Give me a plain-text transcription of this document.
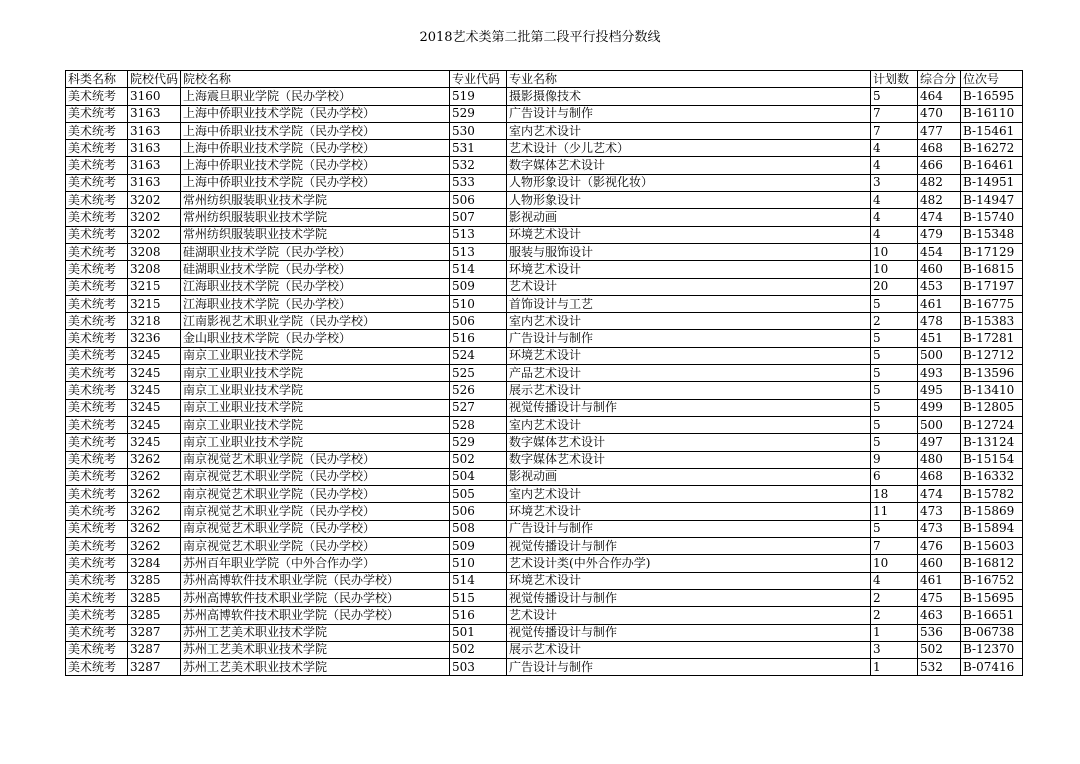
2018艺术类第二批第二段平行投档分数线
科类名称	院校代码	院校名称	专业代码	专业名称	计划数	综合分	位次号
美术统考	3160	上海震旦职业学院（民办学校）	519	摄影摄像技术	5	464	B-16595
美术统考	3163	上海中侨职业技术学院（民办学校）	529	广告设计与制作	7	470	B-16110
美术统考	3163	上海中侨职业技术学院（民办学校）	530	室内艺术设计	7	477	B-15461
美术统考	3163	上海中侨职业技术学院（民办学校）	531	艺术设计（少儿艺术）	4	468	B-16272
美术统考	3163	上海中侨职业技术学院（民办学校）	532	数字媒体艺术设计	4	466	B-16461
美术统考	3163	上海中侨职业技术学院（民办学校）	533	人物形象设计（影视化妆）	3	482	B-14951
美术统考	3202	常州纺织服装职业技术学院	506	人物形象设计	4	482	B-14947
美术统考	3202	常州纺织服装职业技术学院	507	影视动画	4	474	B-15740
美术统考	3202	常州纺织服装职业技术学院	513	环境艺术设计	4	479	B-15348
美术统考	3208	硅湖职业技术学院（民办学校）	513	服装与服饰设计	10	454	B-17129
美术统考	3208	硅湖职业技术学院（民办学校）	514	环境艺术设计	10	460	B-16815
美术统考	3215	江海职业技术学院（民办学校）	509	艺术设计	20	453	B-17197
美术统考	3215	江海职业技术学院（民办学校）	510	首饰设计与工艺	5	461	B-16775
美术统考	3218	江南影视艺术职业学院（民办学校）	506	室内艺术设计	2	478	B-15383
美术统考	3236	金山职业技术学院（民办学校）	516	广告设计与制作	5	451	B-17281
美术统考	3245	南京工业职业技术学院	524	环境艺术设计	5	500	B-12712
美术统考	3245	南京工业职业技术学院	525	产品艺术设计	5	493	B-13596
美术统考	3245	南京工业职业技术学院	526	展示艺术设计	5	495	B-13410
美术统考	3245	南京工业职业技术学院	527	视觉传播设计与制作	5	499	B-12805
美术统考	3245	南京工业职业技术学院	528	室内艺术设计	5	500	B-12724
美术统考	3245	南京工业职业技术学院	529	数字媒体艺术设计	5	497	B-13124
美术统考	3262	南京视觉艺术职业学院（民办学校）	502	数字媒体艺术设计	9	480	B-15154
美术统考	3262	南京视觉艺术职业学院（民办学校）	504	影视动画	6	468	B-16332
美术统考	3262	南京视觉艺术职业学院（民办学校）	505	室内艺术设计	18	474	B-15782
美术统考	3262	南京视觉艺术职业学院（民办学校）	506	环境艺术设计	11	473	B-15869
美术统考	3262	南京视觉艺术职业学院（民办学校）	508	广告设计与制作	5	473	B-15894
美术统考	3262	南京视觉艺术职业学院（民办学校）	509	视觉传播设计与制作	7	476	B-15603
美术统考	3284	苏州百年职业学院（中外合作办学）	510	艺术设计类(中外合作办学)	10	460	B-16812
美术统考	3285	苏州高博软件技术职业学院（民办学校）	514	环境艺术设计	4	461	B-16752
美术统考	3285	苏州高博软件技术职业学院（民办学校）	515	视觉传播设计与制作	2	475	B-15695
美术统考	3285	苏州高博软件技术职业学院（民办学校）	516	艺术设计	2	463	B-16651
美术统考	3287	苏州工艺美术职业技术学院	501	视觉传播设计与制作	1	536	B-06738
美术统考	3287	苏州工艺美术职业技术学院	502	展示艺术设计	3	502	B-12370
美术统考	3287	苏州工艺美术职业技术学院	503	广告设计与制作	1	532	B-07416
